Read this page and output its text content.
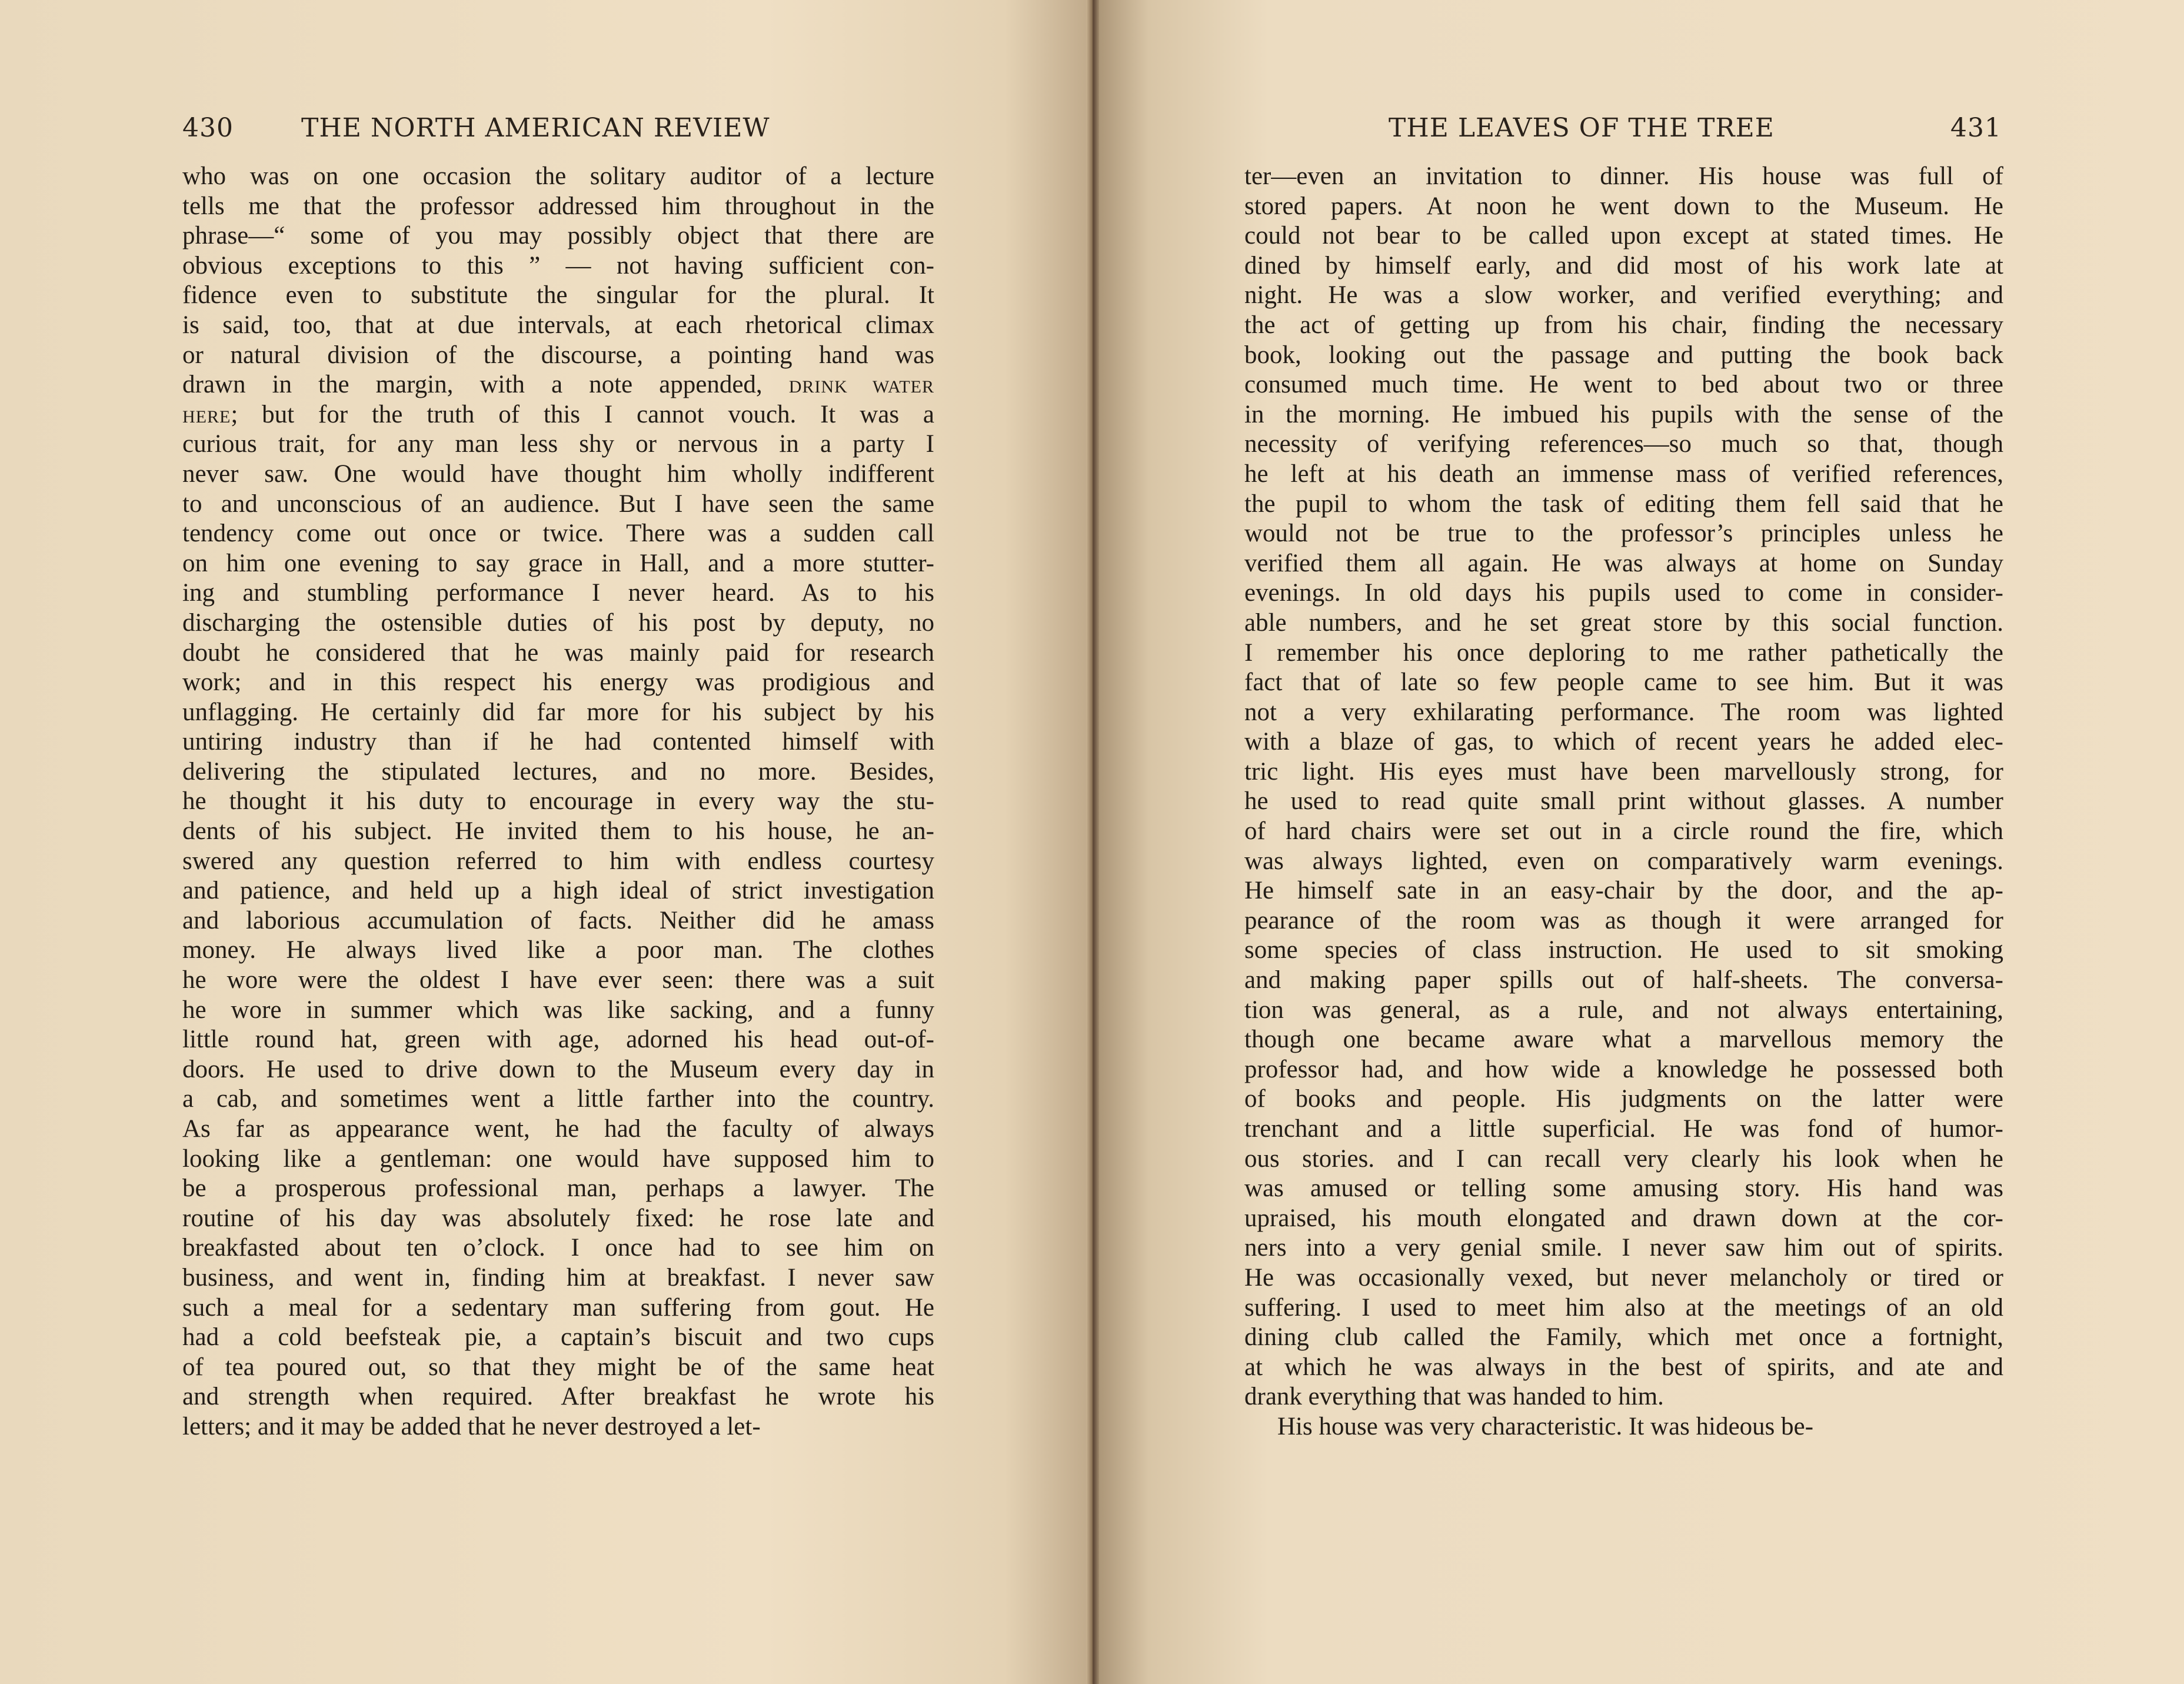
430	THE NORTH AMERICAN REVIEW
who was on one occasion the solitary auditor of a lecture
tells me that the professor addressed him throughout in the
phrase—“ some of you may possibly object that there are
obvious exceptions to this ” — not having sufficient con-
fidence even to substitute the singular for the plural. It
is said, too, that at due intervals, at each rhetorical climax
or natural division of the discourse, a pointing hand was
drawn in the margin, with a note appended, DRINK WATER
HERE; but for the truth of this I cannot vouch. It was a
curious trait, for any man less shy or nervous in a party I
never saw. One would have thought him wholly indifferent
to and unconscious of an audience. But I have seen the same
tendency come out once or twice. There was a sudden call
on him one evening to say grace in Hall, and a more stutter-
ing and stumbling performance I never heard. As to his
discharging the ostensible duties of his post by deputy, no
doubt he considered that he was mainly paid for research
work; and in this respect his energy was prodigious and
unflagging. He certainly did far more for his subject by his
untiring industry than if he had contented himself with
delivering the stipulated lectures, and no more. Besides,
he thought it his duty to encourage in every way the stu-
dents of his subject. He invited them to his house, he an-
swered any question referred to him with endless courtesy
and patience, and held up a high ideal of strict investigation
and laborious accumulation of facts. Neither did he amass
money. He always lived like a poor man. The clothes
he wore were the oldest I have ever seen: there was a suit
he wore in summer which was like sacking, and a funny
little round hat, green with age, adorned his head out-of-
doors. He used to drive down to the Museum every day in
a cab, and sometimes went a little farther into the country.
As far as appearance went, he had the faculty of always
looking like a gentleman: one would have supposed him to
be a prosperous professional man, perhaps a lawyer. The
routine of his day was absolutely fixed: he rose late and
breakfasted about ten o’clock. I once had to see him on
business, and went in, finding him at breakfast. I never saw
such a meal for a sedentary man suffering from gout. He
had a cold beefsteak pie, a captain’s biscuit and two cups
of tea poured out, so that they might be of the same heat
and strength when required. After breakfast he wrote his
letters; and it may be added that he never destroyed a let-
THE LEAVES OF THE TREE	431
ter—even an invitation to dinner. His house was full of
stored papers. At noon he went down to the Museum. He
could not bear to be called upon except at stated times. He
dined by himself early, and did most of his work late at
night. He was a slow worker, and verified everything; and
the act of getting up from his chair, finding the necessary
book, looking out the passage and putting the book back
consumed much time. He went to bed about two or three
in the morning. He imbued his pupils with the sense of the
necessity of verifying references—so much so that, though
he left at his death an immense mass of verified references,
the pupil to whom the task of editing them fell said that he
would not be true to the professor’s principles unless he
verified them all again. He was always at home on Sunday
evenings. In old days his pupils used to come in consider-
able numbers, and he set great store by this social function.
I remember his once deploring to me rather pathetically the
fact that of late so few people came to see him. But it was
not a very exhilarating performance. The room was lighted
with a blaze of gas, to which of recent years he added elec-
tric light. His eyes must have been marvellously strong, for
he used to read quite small print without glasses. A number
of hard chairs were set out in a circle round the fire, which
was always lighted, even on comparatively warm evenings.
He himself sate in an easy-chair by the door, and the ap-
pearance of the room was as though it were arranged for
some species of class instruction. He used to sit smoking
and making paper spills out of half-sheets. The conversa-
tion was general, as a rule, and not always entertaining,
though one became aware what a marvellous memory the
professor had, and how wide a knowledge he possessed both
of books and people. His judgments on the latter were
trenchant and a little superficial. He was fond of humor-
ous stories. and I can recall very clearly his look when he
was amused or telling some amusing story. His hand was
upraised, his mouth elongated and drawn down at the cor-
ners into a very genial smile. I never saw him out of spirits.
He was occasionally vexed, but never melancholy or tired or
suffering. I used to meet him also at the meetings of an old
dining club called the Family, which met once a fortnight,
at which he was always in the best of spirits, and ate and
drank everything that was handed to him.
His house was very characteristic. It was hideous be-
